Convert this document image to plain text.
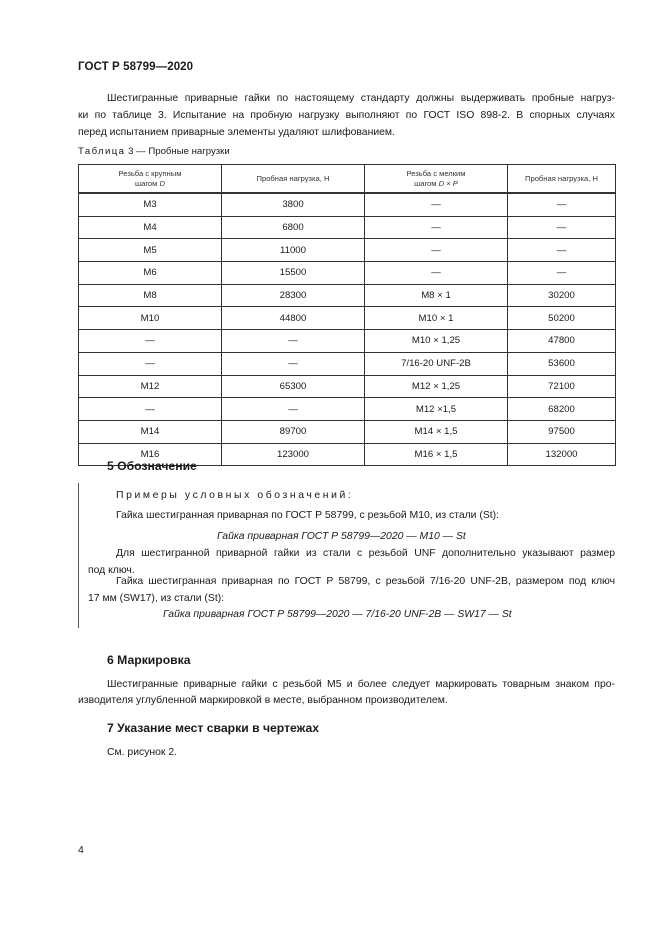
ГОСТ Р 58799—2020
Шестигранные приварные гайки по настоящему стандарту должны выдерживать пробные нагруз-
ки по таблице 3. Испытание на пробную нагрузку выполняют по ГОСТ ISO 898-2. В спорных случаях
перед испытанием приварные элементы удаляют шлифованием.
Таблица 3 — Пробные нагрузки
Резьба с крупным
шагом D	Пробная нагрузка, Н	Резьба с мелким
шагом D × P	Пробная нагрузка, Н
M3	3800	—	—
M4	6800	—	—
M5	11000	—	—
M6	15500	—	—
M8	28300	M8 × 1	30200
M10	44800	M10 × 1	50200
—	—	M10 × 1,25	47800
—	—	7/16-20 UNF-2B	53600
M12	65300	M12 × 1,25	72100
—	—	M12 ×1,5	68200
M14	89700	M14 × 1,5	97500
M16	123000	M16 × 1,5	132000
5 Обозначение
Примеры условных обозначений:
Гайка шестигранная приварная по ГОСТ Р 58799, с резьбой M10, из стали (St):
Гайка приварная ГОСТ Р 58799—2020 — M10 — St
Для шестигранной приварной гайки из стали с резьбой UNF дополнительно указывают размер
под ключ.
Гайка шестигранная приварная по ГОСТ Р 58799, с резьбой 7/16-20 UNF-2B, размером под ключ
17 мм (SW17), из стали (St):
Гайка приварная ГОСТ Р 58799—2020 — 7/16-20 UNF-2B — SW17 — St
6 Маркировка
Шестигранные приварные гайки с резьбой M5 и более следует маркировать товарным знаком про-
изводителя углубленной маркировкой в месте, выбранном производителем.
7 Указание мест сварки в чертежах
См. рисунок 2.
4
